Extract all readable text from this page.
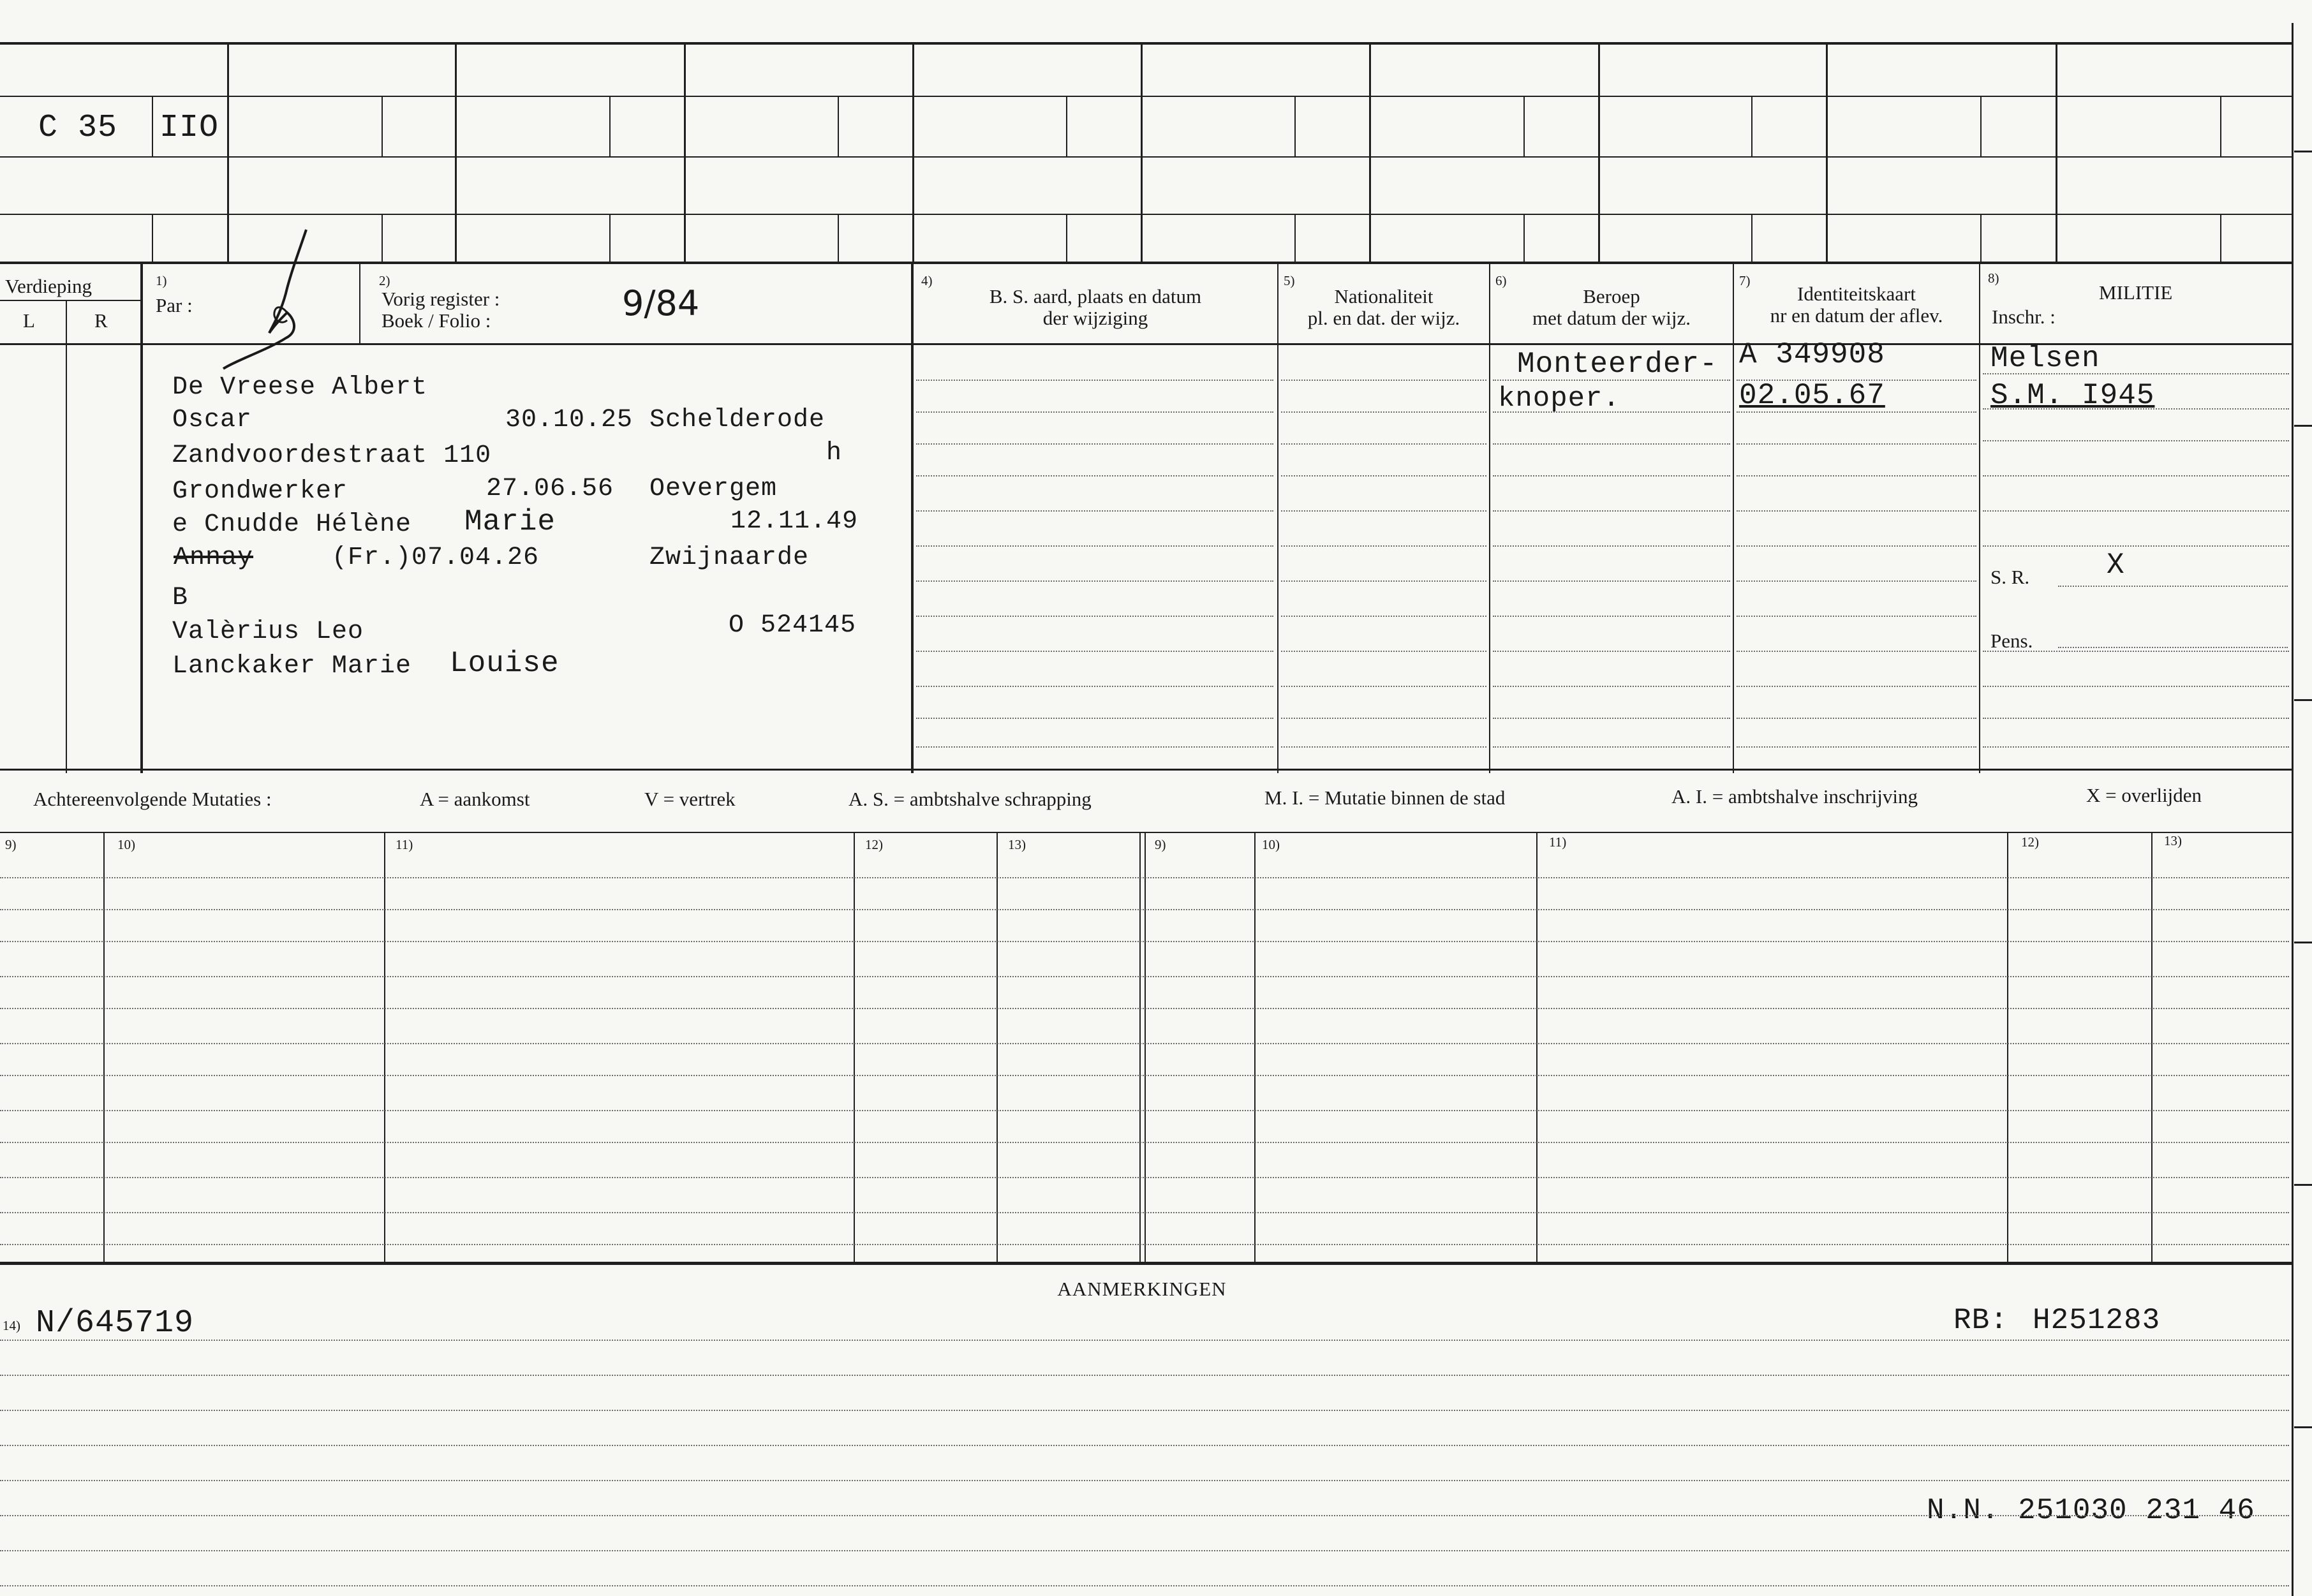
C 35 IIO
Verdieping
L	R
1)
Par :
2)
Vorig register :
Boek / Folio :	9/84
4)
B. S. aard, plaats en datum
der wijziging
5)
Nationaliteit
pl. en dat. der wijz.
6)
Beroep
met datum der wijz.
7)
Identiteitskaart
nr en datum der aflev.
8)
MILITIE
Inschr. :
De Vreese Albert
Oscar	30.10.25 Schelderode
Zandvoordestraat 110	h
Grondwerker	27.06.56 Oevergem
e Cnudde Hélène Marie	12.11.49
Annay	(Fr.)07.04.26	Zwijnaarde
B
Valèrius Leo	O 524145
Lanckaker Marie Louise
Monteerder-
knoper.
A 349908
02.05.67
Melsen
S.M. I945
S. R.	X
Pens.
Achtereenvolgende Mutaties :	A = aankomst	V = vertrek	A. S. = ambtshalve schrapping	M. I. = Mutatie binnen de stad	A. I. = ambtshalve inschrijving	X = overlijden
9)	10)	11)	12)	13)	9)	10)	11)	12)	13)
AANMERKINGEN
14) N/645719	RB: H251283
N.N. 251030 231 46
